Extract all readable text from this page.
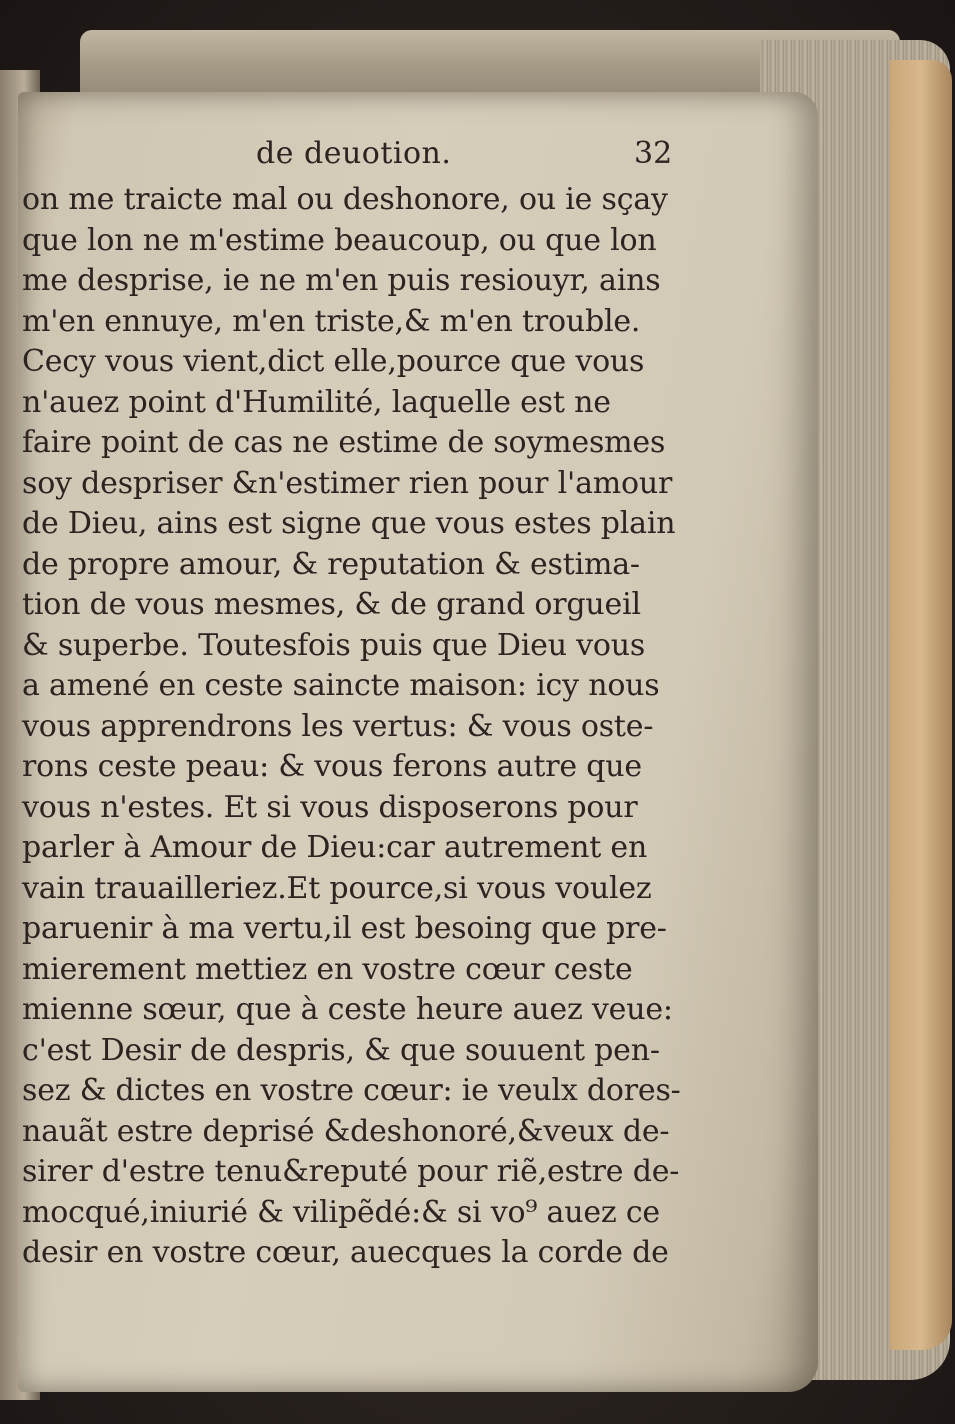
de deuotion.	32
on me traicte mal ou deshonore, ou ie sçay
que lon ne m'estime beaucoup, ou que lon
me desprise, ie ne m'en puis resiouyr, ains
m'en ennuye, m'en triste,& m'en trouble.
Cecy vous vient,dict elle,pource que vous
n'auez point d'Humilité, laquelle est ne
faire point de cas ne estime de soymesmes
soy despriser &n'estimer rien pour l'amour
de Dieu, ains est signe que vous estes plain
de propre amour, & reputation & estima-
tion de vous mesmes, & de grand orgueil
& superbe. Toutesfois puis que Dieu vous
a amené en ceste saincte maison: icy nous
vous apprendrons les vertus: & vous oste-
rons ceste peau: & vous ferons autre que
vous n'estes. Et si vous disposerons pour
parler à Amour de Dieu:car autrement en
vain trauailleriez.Et pource,si vous voulez
paruenir à ma vertu,il est besoing que pre-
mierement mettiez en vostre cœur ceste
mienne sœur, que à ceste heure auez veue:
c'est Desir de despris, & que souuent pen-
sez & dictes en vostre cœur: ie veulx dores-
nauãt estre deprisé &deshonoré,&veux de-
sirer d'estre tenu&reputé pour riẽ,estre de-
mocqué,iniurié & vilipẽdé:& si vo⁹ auez ce
desir en vostre cœur, auecques la corde de
